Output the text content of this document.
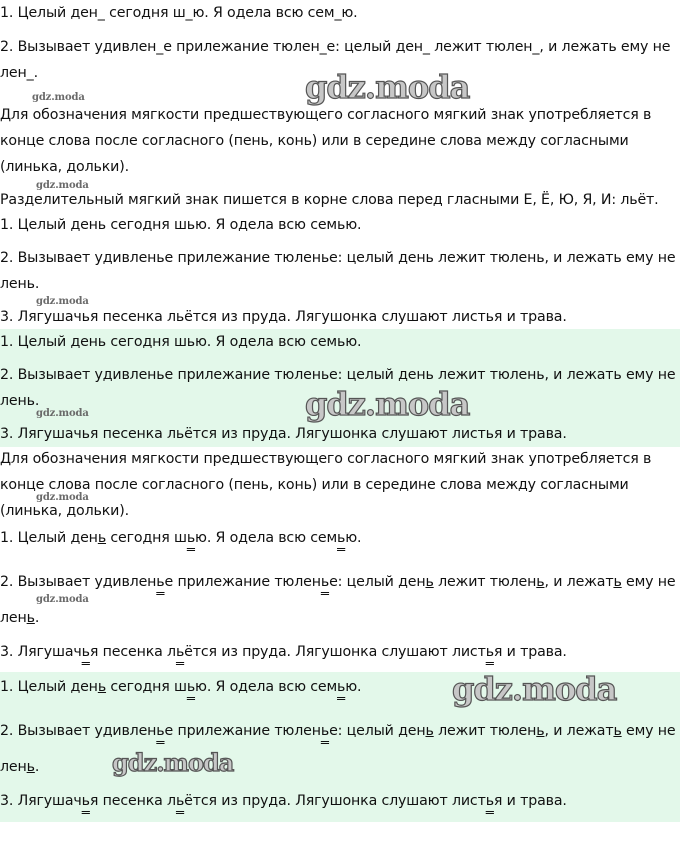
1. Целый ден_ сегодня ш_ю. Я одела всю сем_ю.
2. Вызывает удивлен_е прилежание тюлен_е: целый ден_ лежит тюлен_, и лежать ему не
лен_.
gdz.moda	gdz.moda
Для обозначения мягкости предшествующего согласного мягкий знак употребляется в
конце слова после согласного (пень, конь) или в середине слова между согласными
(линька, дольки).
gdz.moda
Разделительный мягкий знак пишется в корне слова перед гласными Е, Ё, Ю, Я, И: льёт.
1. Целый день сегодня шью. Я одела всю семью.
2. Вызывает удивленье прилежание тюленье: целый день лежит тюлень, и лежать ему не
лень.
gdz.moda
3. Лягушачья песенка льётся из пруда. Лягушонка слушают листья и трава.
1. Целый день сегодня шью. Я одела всю семью.
2. Вызывает удивленье прилежание тюленье: целый день лежит тюлень, и лежать ему не
лень.	gdz.moda
gdz.moda
3. Лягушачья песенка льётся из пруда. Лягушонка слушают листья и трава.
Для обозначения мягкости предшествующего согласного мягкий знак употребляется в
конце слова после согласного (пень, конь) или в середине слова между согласными
gdz.moda
(линька, дольки).
1. Целый день сегодня шью. Я одела всю семью.
2. Вызывает удивленье прилежание тюленье: целый день лежит тюлень, и лежать ему не
gdz.moda
лень.
3. Лягушачья песенка льётся из пруда. Лягушонка слушают листья и трава.
1. Целый день сегодня шью. Я одела всю семью.	gdz.moda
2. Вызывает удивленье прилежание тюленье: целый день лежит тюлень, и лежать ему не
лень.	gdz.moda
3. Лягушачья песенка льётся из пруда. Лягушонка слушают листья и трава.
